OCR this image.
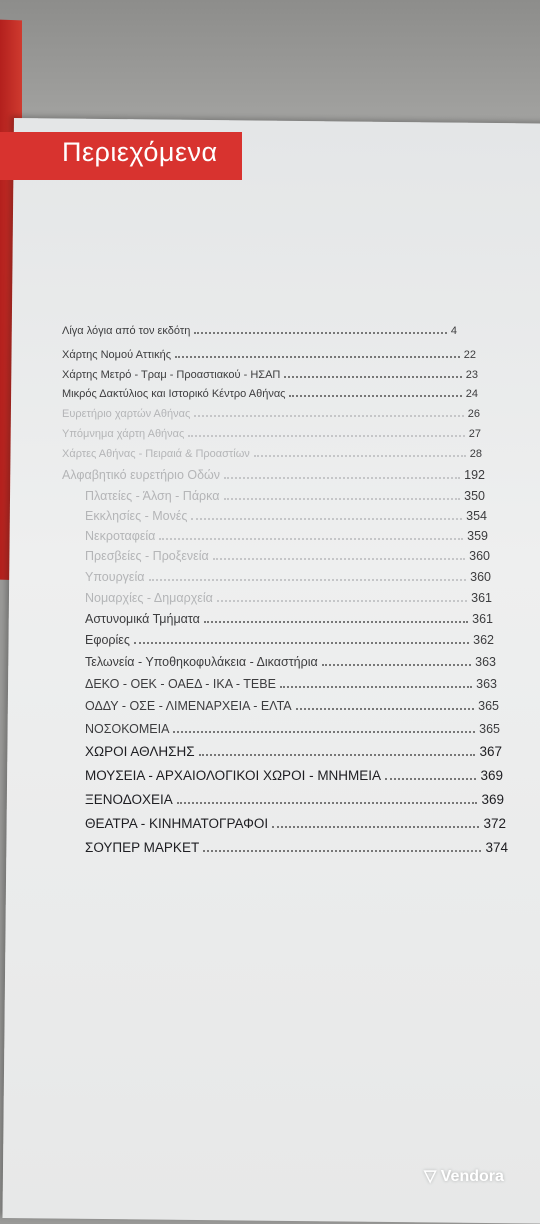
Περιεχόμενα
Λίγα λόγια από τον εκδότη	4
Χάρτης Νομού Αττικής	22
Χάρτης Μετρό - Τραμ - Προαστιακού - ΗΣΑΠ	23
Μικρός Δακτύλιος και Ιστορικό Κέντρο Αθήνας	24
Ευρετήριο χαρτών Αθήνας	26
Υπόμνημα χάρτη Αθήνας	27
Χάρτες Αθήνας - Πειραιά & Προαστίων	28
Αλφαβητικό ευρετήριο Οδών	192
Πλατείες - Άλση - Πάρκα	350
Εκκλησίες - Μονές	354
Νεκροταφεία	359
Πρεσβείες - Προξενεία	360
Υπουργεία	360
Νομαρχίες - Δημαρχεία	361
Αστυνομικά Τμήματα	361
Εφορίες	362
Τελωνεία - Υποθηκοφυλάκεια - Δικαστήρια	363
ΔΕΚΟ - ΟΕΚ - ΟΑΕΔ - ΙΚΑ - ΤΕΒΕ	363
ΟΔΔΥ - ΟΣΕ - ΛΙΜΕΝΑΡΧΕΙΑ - ΕΛΤΑ	365
ΝΟΣΟΚΟΜΕΙΑ	365
ΧΩΡΟΙ ΑΘΛΗΣΗΣ	367
ΜΟΥΣΕΙΑ - ΑΡΧΑΙΟΛΟΓΙΚΟΙ ΧΩΡΟΙ - ΜΝΗΜΕΙΑ	369
ΞΕΝΟΔΟΧΕΙΑ	369
ΘΕΑΤΡΑ - ΚΙΝΗΜΑΤΟΓΡΑΦΟΙ	372
ΣΟΥΠΕΡ ΜΑΡΚΕΤ	374
▽ Vendora
